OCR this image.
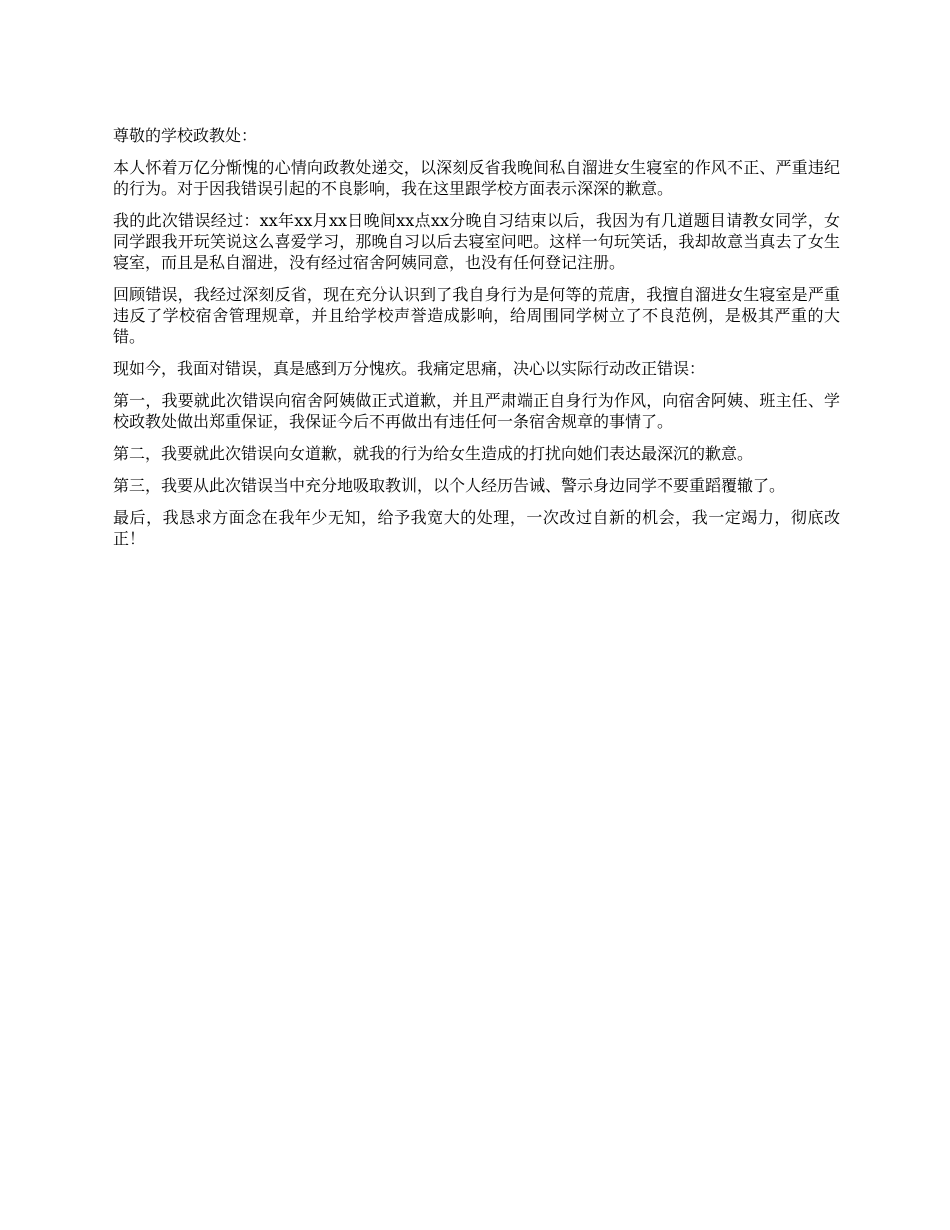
尊敬的学校政教处：

本人怀着万亿分惭愧的心情向政教处递交，以深刻反省我晚间私自溜进女生寝室的作风不正、严重违纪的行为。对于因我错误引起的不良影响，我在这里跟学校方面表示深深的歉意。

我的此次错误经过：xx年xx月xx日晚间xx点xx分晚自习结束以后，我因为有几道题目请教女同学，女同学跟我开玩笑说这么喜爱学习，那晚自习以后去寝室问吧。这样一句玩笑话，我却故意当真去了女生寝室，而且是私自溜进，没有经过宿舍阿姨同意，也没有任何登记注册。

回顾错误，我经过深刻反省，现在充分认识到了我自身行为是何等的荒唐，我擅自溜进女生寝室是严重违反了学校宿舍管理规章，并且给学校声誉造成影响，给周围同学树立了不良范例，是极其严重的大错。

现如今，我面对错误，真是感到万分愧疚。我痛定思痛，决心以实际行动改正错误：

第一，我要就此次错误向宿舍阿姨做正式道歉，并且严肃端正自身行为作风，向宿舍阿姨、班主任、学校政教处做出郑重保证，我保证今后不再做出有违任何一条宿舍规章的事情了。

第二，我要就此次错误向女道歉，就我的行为给女生造成的打扰向她们表达最深沉的歉意。

第三，我要从此次错误当中充分地吸取教训，以个人经历告诫、警示身边同学不要重蹈覆辙了。

最后，我恳求方面念在我年少无知，给予我宽大的处理，一次改过自新的机会，我一定竭力，彻底改正！
